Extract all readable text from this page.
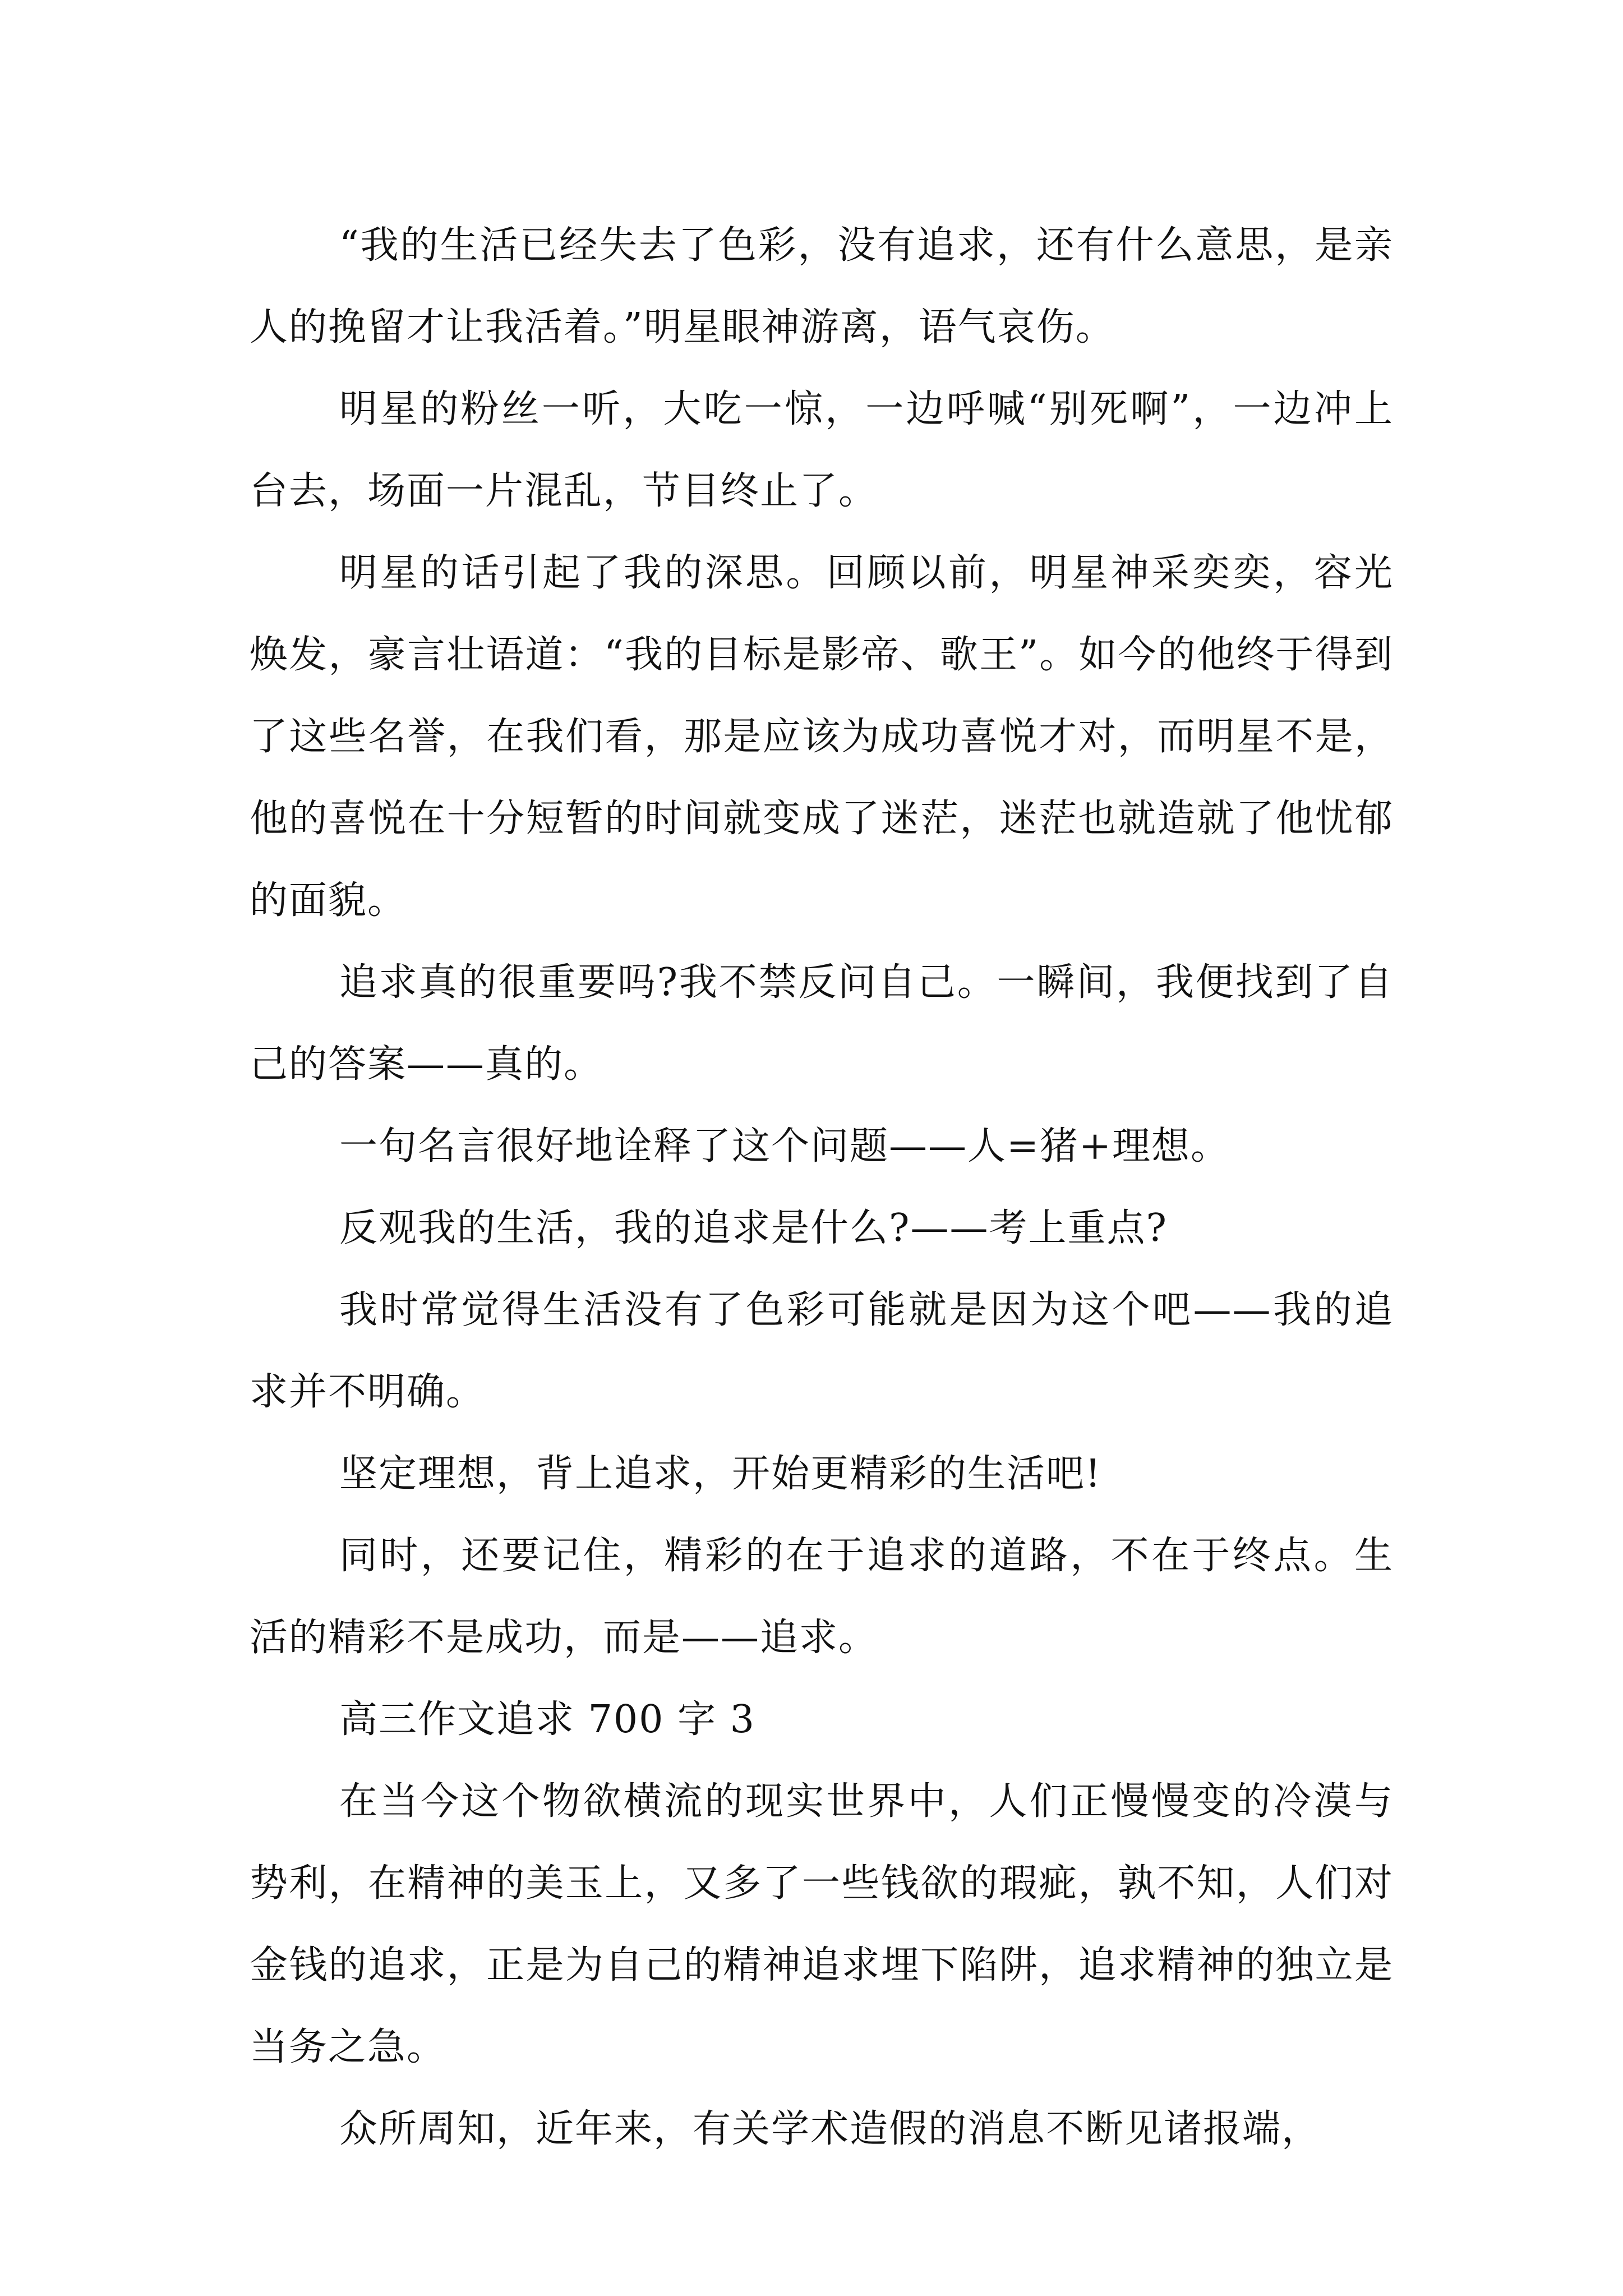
“我的生活已经失去了色彩，没有追求，还有什么意思，是亲人的挽留才让我活着。”明星眼神游离，语气哀伤。

明星的粉丝一听，大吃一惊，一边呼喊“别死啊”，一边冲上台去，场面一片混乱，节目终止了。

明星的话引起了我的深思。回顾以前，明星神采奕奕，容光焕发，豪言壮语道：“我的目标是影帝、歌王”。如今的他终于得到了这些名誉，在我们看，那是应该为成功喜悦才对，而明星不是，他的喜悦在十分短暂的时间就变成了迷茫，迷茫也就造就了他忧郁的面貌。

追求真的很重要吗?我不禁反问自己。一瞬间，我便找到了自己的答案——真的。

一句名言很好地诠释了这个问题——人=猪+理想。

反观我的生活，我的追求是什么?——考上重点?

我时常觉得生活没有了色彩可能就是因为这个吧——我的追求并不明确。

坚定理想，背上追求，开始更精彩的生活吧!

同时，还要记住，精彩的在于追求的道路，不在于终点。生活的精彩不是成功，而是——追求。

高三作文追求 700 字 3

在当今这个物欲横流的现实世界中，人们正慢慢变的冷漠与势利，在精神的美玉上，又多了一些钱欲的瑕疵，孰不知，人们对金钱的追求，正是为自己的精神追求埋下陷阱，追求精神的独立是当务之急。

众所周知，近年来，有关学术造假的消息不断见诸报端，
